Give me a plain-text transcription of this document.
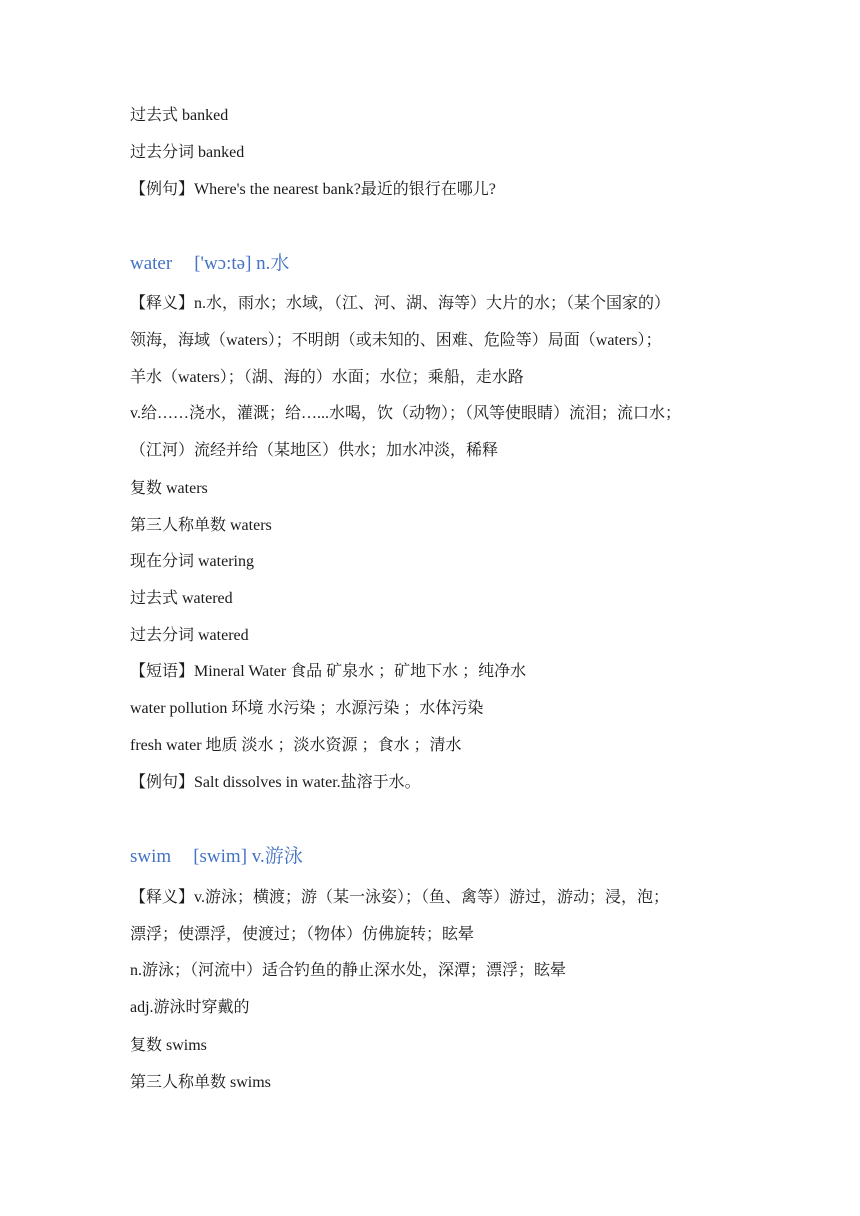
过去式 banked
过去分词 banked
【例句】Where's the nearest bank?最近的银行在哪儿?
water ['wɔ:tə] n.水
【释义】n.水，雨水；水域，（江、河、湖、海等）大片的水；（某个国家的）
领海，海域（waters）；不明朗（或未知的、困难、危险等）局面（waters）；
羊水（waters）；（湖、海的）水面；水位；乘船，走水路
v.给……浇水，灌溉；给…...水喝，饮（动物）；（风等使眼睛）流泪；流口水；
（江河）流经并给（某地区）供水；加水冲淡，稀释
复数 waters
第三人称单数 waters
现在分词 watering
过去式 watered
过去分词 watered
【短语】Mineral Water 食品 矿泉水 ；矿地下水 ；纯净水
water pollution 环境 水污染 ；水源污染 ；水体污染
fresh water 地质 淡水 ；淡水资源 ；食水 ；清水
【例句】Salt dissolves in water.盐溶于水。
swim [swim] v.游泳
【释义】v.游泳；横渡；游（某一泳姿）；（鱼、禽等）游过，游动；浸，泡；
漂浮；使漂浮，使渡过；（物体）仿佛旋转；眩晕
n.游泳；（河流中）适合钓鱼的静止深水处，深潭；漂浮；眩晕
adj.游泳时穿戴的
复数 swims
第三人称单数 swims
